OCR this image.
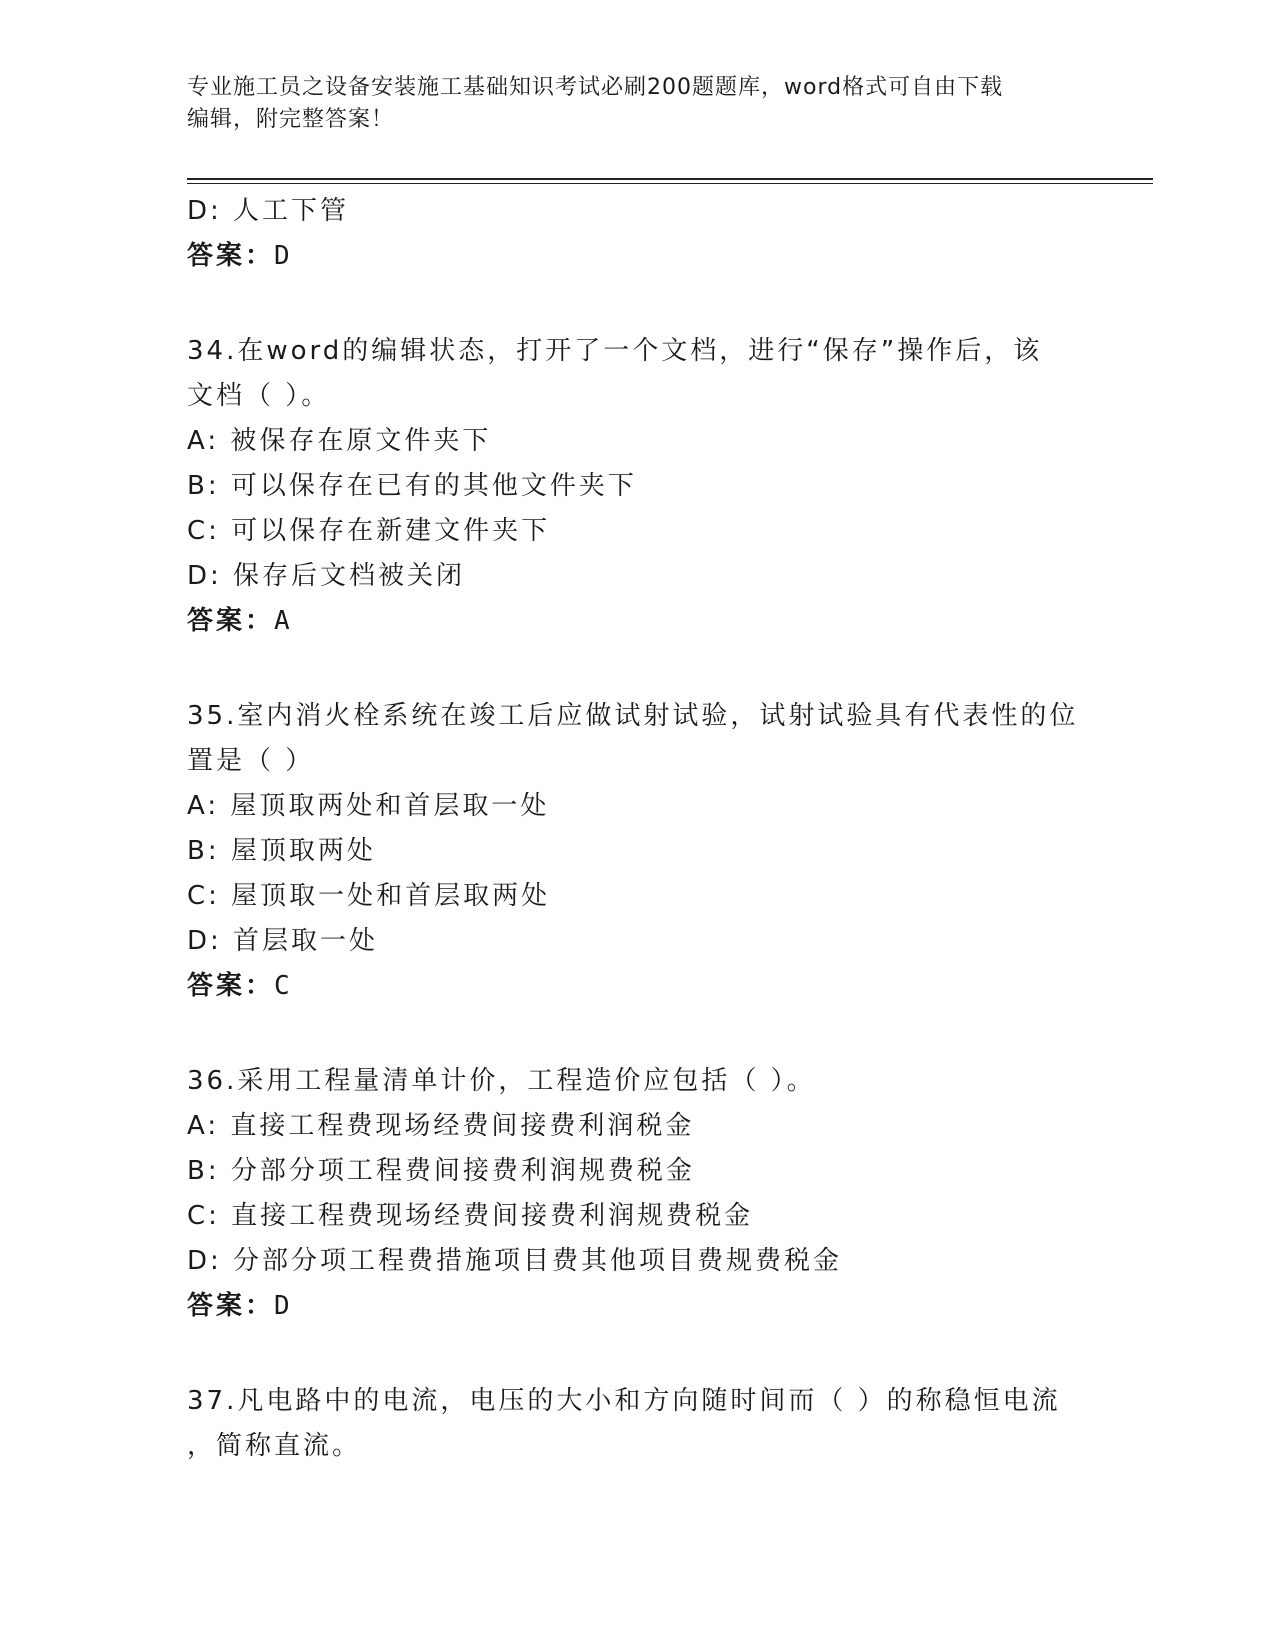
专业施工员之设备安装施工基础知识考试必刷200题题库，word格式可自由下载
编辑，附完整答案！
D: 人工下管
答案：D
34.在word的编辑状态，打开了一个文档，进行“保存”操作后，该
文档（ ）。
A: 被保存在原文件夹下
B: 可以保存在已有的其他文件夹下
C: 可以保存在新建文件夹下
D: 保存后文档被关闭
答案：A
35.室内消火栓系统在竣工后应做试射试验，试射试验具有代表性的位
置是（ ）
A: 屋顶取两处和首层取一处
B: 屋顶取两处
C: 屋顶取一处和首层取两处
D: 首层取一处
答案：C
36.采用工程量清单计价，工程造价应包括（ ）。
A: 直接工程费现场经费间接费利润税金
B: 分部分项工程费间接费利润规费税金
C: 直接工程费现场经费间接费利润规费税金
D: 分部分项工程费措施项目费其他项目费规费税金
答案：D
37.凡电路中的电流，电压的大小和方向随时间而（ ）的称稳恒电流
，简称直流。
